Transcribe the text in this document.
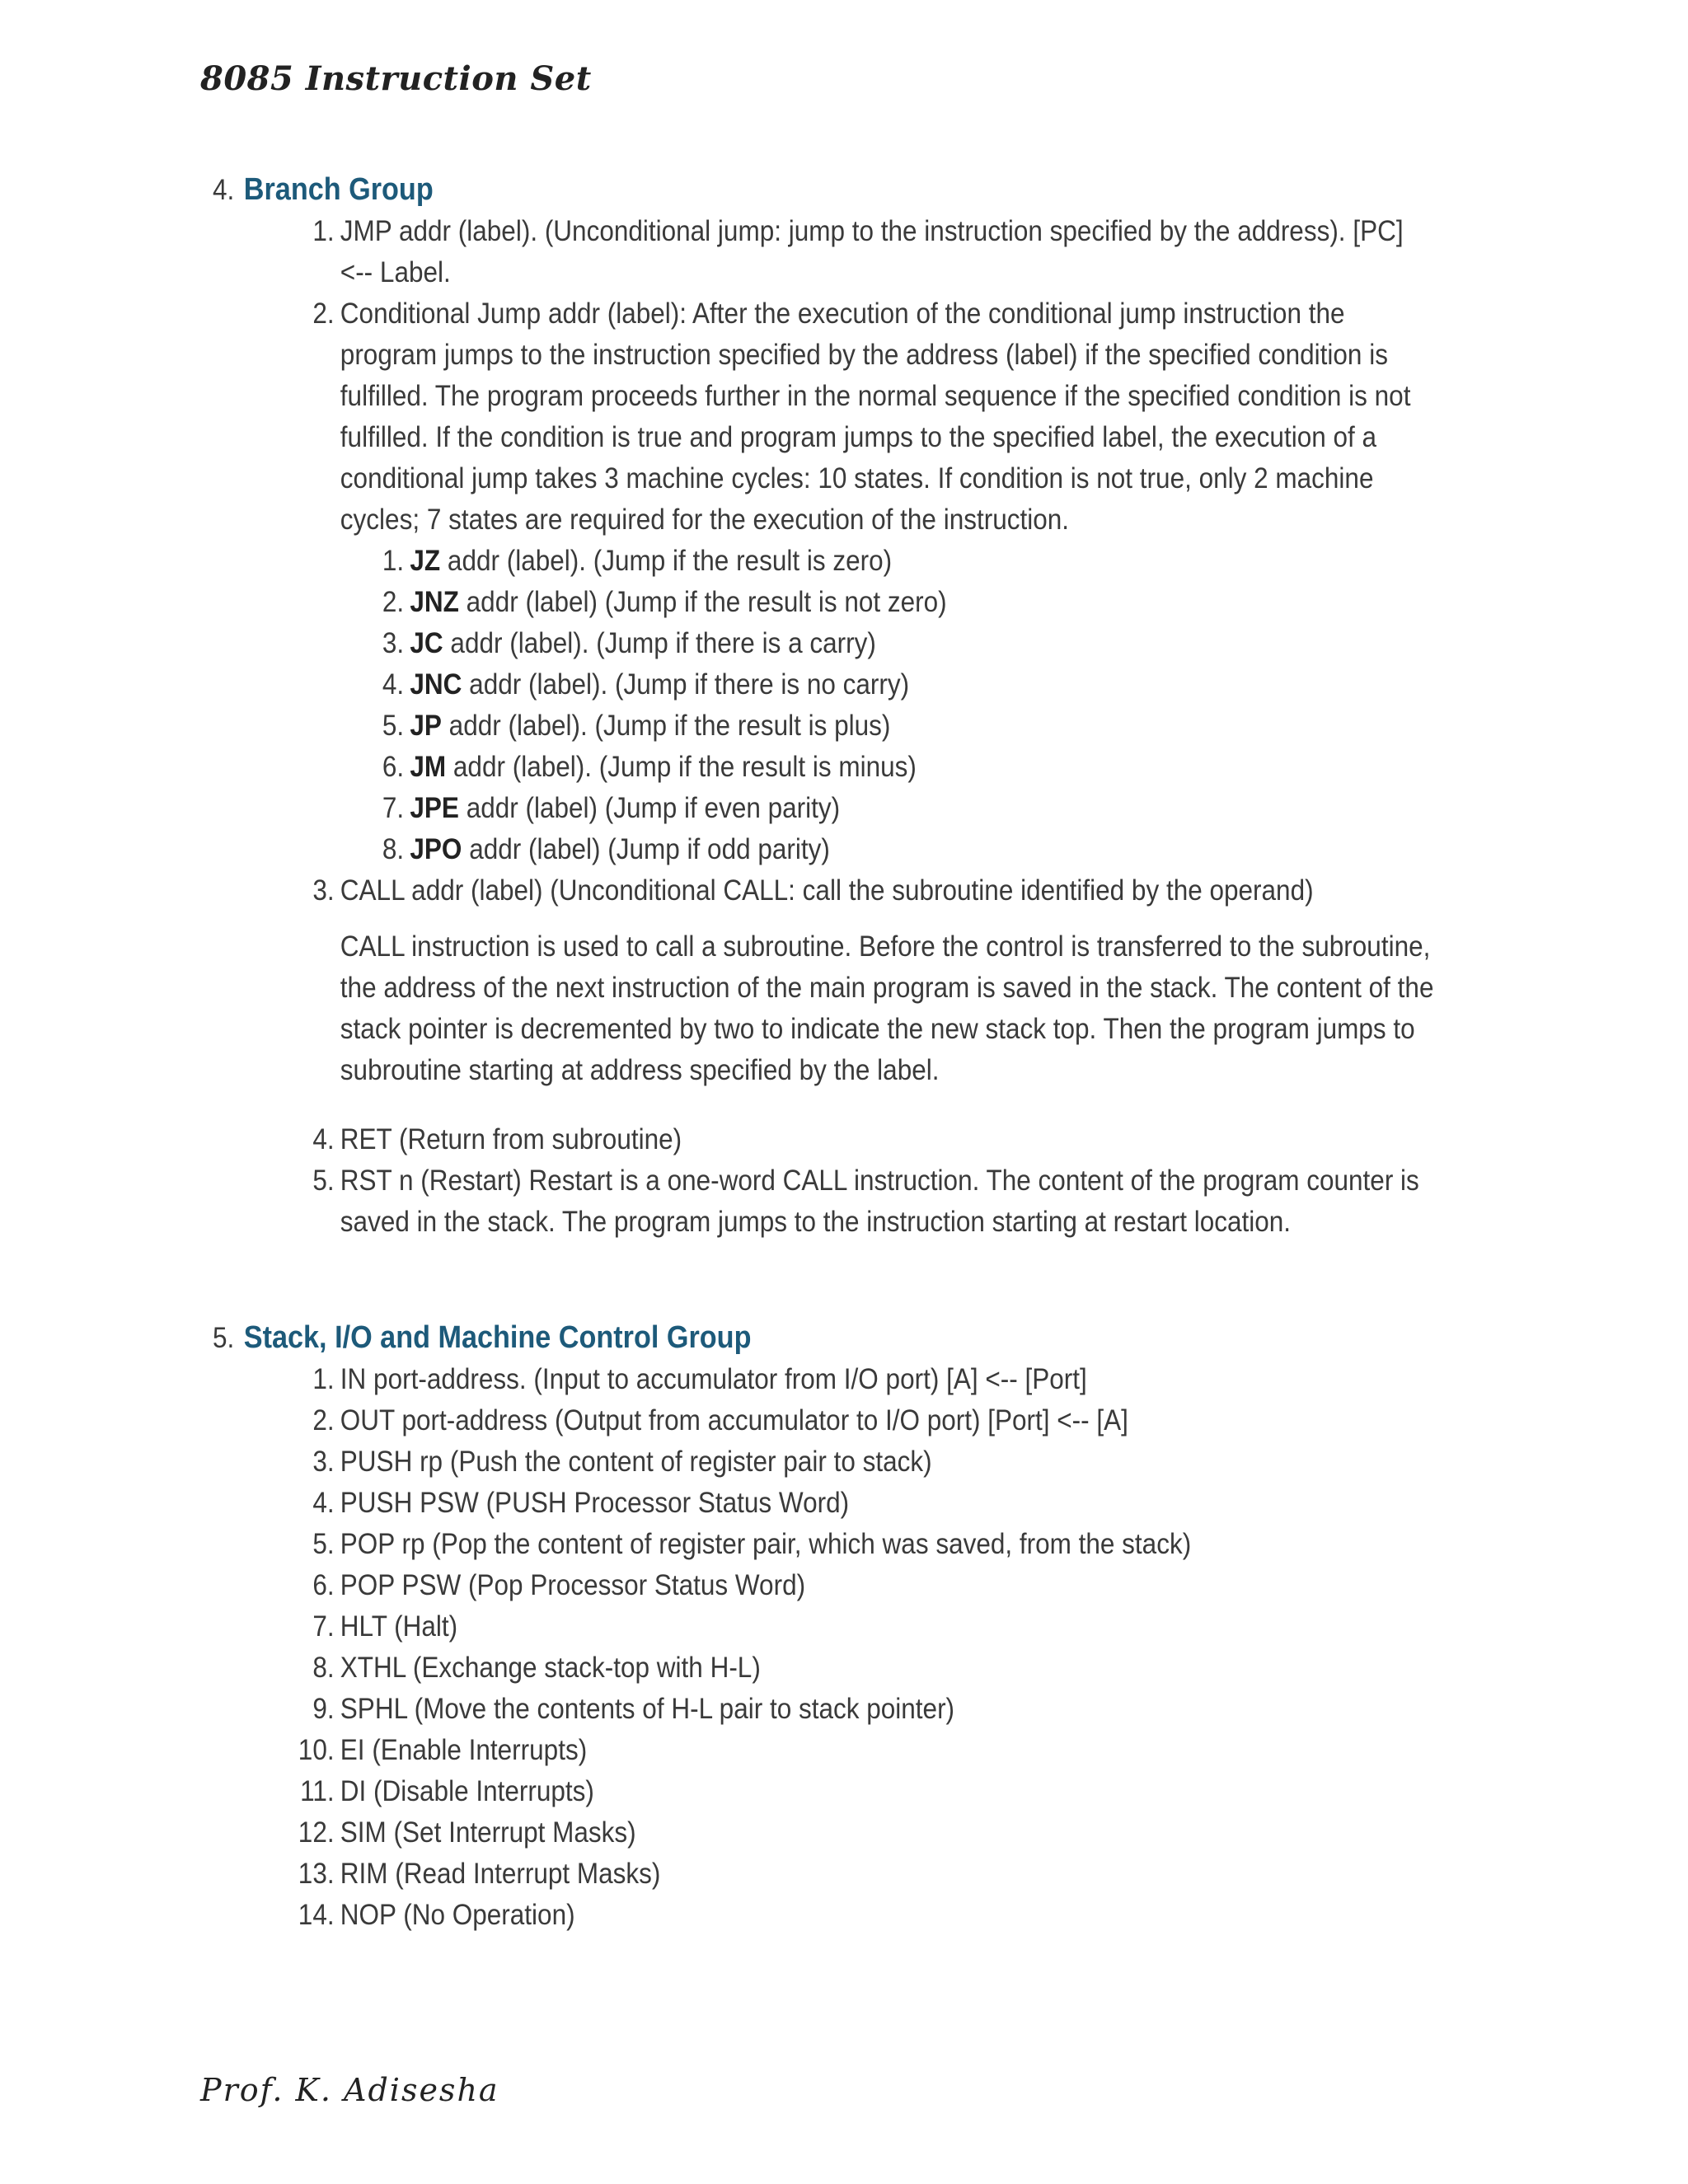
8085 Instruction Set
4. Branch Group
1. JMP addr (label). (Unconditional jump: jump to the instruction specified by the address). [PC] <-- Label.
2. Conditional Jump addr (label): After the execution of the conditional jump instruction the program jumps to the instruction specified by the address (label) if the specified condition is fulfilled. The program proceeds further in the normal sequence if the specified condition is not fulfilled. If the condition is true and program jumps to the specified label, the execution of a conditional jump takes 3 machine cycles: 10 states. If condition is not true, only 2 machine cycles; 7 states are required for the execution of the instruction.
1. JZ addr (label). (Jump if the result is zero)
2. JNZ addr (label) (Jump if the result is not zero)
3. JC addr (label). (Jump if there is a carry)
4. JNC addr (label). (Jump if there is no carry)
5. JP addr (label). (Jump if the result is plus)
6. JM addr (label). (Jump if the result is minus)
7. JPE addr (label) (Jump if even parity)
8. JPO addr (label) (Jump if odd parity)
3. CALL addr (label) (Unconditional CALL: call the subroutine identified by the operand)
CALL instruction is used to call a subroutine. Before the control is transferred to the subroutine, the address of the next instruction of the main program is saved in the stack. The content of the stack pointer is decremented by two to indicate the new stack top. Then the program jumps to subroutine starting at address specified by the label.
4. RET (Return from subroutine)
5. RST n (Restart) Restart is a one-word CALL instruction. The content of the program counter is saved in the stack. The program jumps to the instruction starting at restart location.
5. Stack, I/O and Machine Control Group
1. IN port-address. (Input to accumulator from I/O port) [A] <-- [Port]
2. OUT port-address (Output from accumulator to I/O port) [Port] <-- [A]
3. PUSH rp (Push the content of register pair to stack)
4. PUSH PSW (PUSH Processor Status Word)
5. POP rp (Pop the content of register pair, which was saved, from the stack)
6. POP PSW (Pop Processor Status Word)
7. HLT (Halt)
8. XTHL (Exchange stack-top with H-L)
9. SPHL (Move the contents of H-L pair to stack pointer)
10. EI (Enable Interrupts)
11. DI (Disable Interrupts)
12. SIM (Set Interrupt Masks)
13. RIM (Read Interrupt Masks)
14. NOP (No Operation)
Prof. K. Adisesha
